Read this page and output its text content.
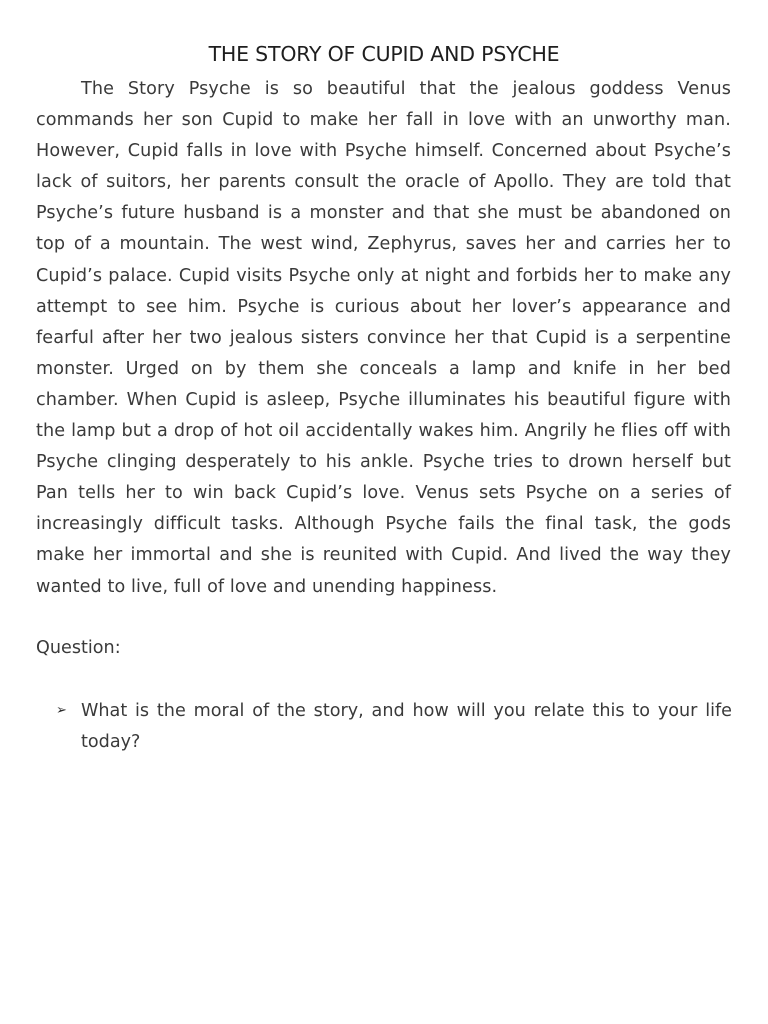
THE STORY OF CUPID AND PSYCHE

The Story Psyche is so beautiful that the jealous goddess Venus commands her son Cupid to make her fall in love with an unworthy man. However, Cupid falls in love with Psyche himself. Concerned about Psyche’s lack of suitors, her parents consult the oracle of Apollo. They are told that Psyche’s future husband is a monster and that she must be abandoned on top of a mountain. The west wind, Zephyrus, saves her and carries her to Cupid’s palace. Cupid visits Psyche only at night and forbids her to make any attempt to see him. Psyche is curious about her lover’s appearance and fearful after her two jealous sisters convince her that Cupid is a serpentine monster. Urged on by them she conceals a lamp and knife in her bed chamber. When Cupid is asleep, Psyche illuminates his beautiful figure with the lamp but a drop of hot oil accidentally wakes him. Angrily he flies off with Psyche clinging desperately to his ankle. Psyche tries to drown herself but Pan tells her to win back Cupid’s love. Venus sets Psyche on a series of increasingly difficult tasks. Although Psyche fails the final task, the gods make her immortal and she is reunited with Cupid. And lived the way they wanted to live, full of love and unending happiness.

Question:

➢ What is the moral of the story, and how will you relate this to your life today?
